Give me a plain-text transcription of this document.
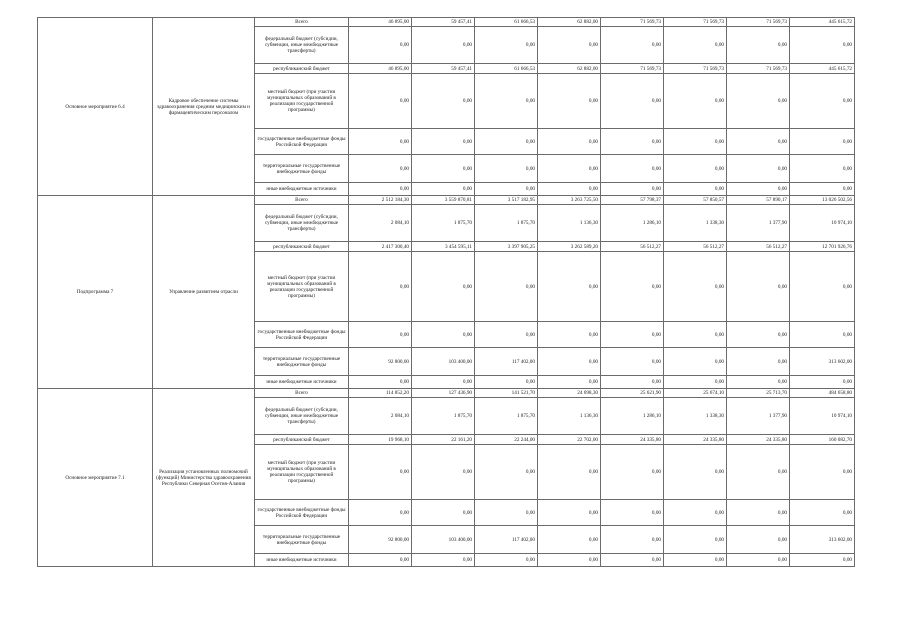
Основное мероприятие 6.4	Кадровое обеспечение системы здравоохранения средним медицинским и фармацевтическим персоналом	Всего	46 895,00	59 457,41	61 666,53	62 882,00	71 569,73	71 569,73	71 569,73	445 615,72
		федеральный бюджет (субсидии, субвенции, иные межбюджетные трансферты)	0,00	0,00	0,00	0,00	0,00	0,00	0,00	0,00
		республиканский бюджет	46 895,00	59 457,41	61 666,53	62 882,00	71 569,73	71 569,73	71 569,73	445 615,72
		местный бюджет (при участии муниципальных образований в реализации государственной программы)	0,00	0,00	0,00	0,00	0,00	0,00	0,00	0,00
		государственные внебюджетные фонды Российской Федерации	0,00	0,00	0,00	0,00	0,00	0,00	0,00	0,00
		территориальные государственные внебюджетные фонды	0,00	0,00	0,00	0,00	0,00	0,00	0,00	0,00
		иные внебюджетные источники	0,00	0,00	0,00	0,00	0,00	0,00	0,00	0,00
Подпрограмма 7	Управление развитием отрасли	Всего	2 512 184,30	3 559 870,81	3 517 182,95	3 263 725,50	57 798,37	57 850,57	57 890,17	13 026 502,56
		федеральный бюджет (субсидии, субвенции, иные межбюджетные трансферты)	2 084,10	1 875,70	1 875,70	1 136,30	1 286,10	1 338,30	1 377,90	10 974,10
		республиканский бюджет	2 417 300,40	3 454 595,11	3 397 905,25	3 262 589,20	56 512,27	56 512,27	56 512,27	12 701 926,76
		местный бюджет (при участии муниципальных образований в реализации государственной программы)	0,00	0,00	0,00	0,00	0,00	0,00	0,00	0,00
		государственные внебюджетные фонды Российской Федерации	0,00	0,00	0,00	0,00	0,00	0,00	0,00	0,00
		территориальные государственные внебюджетные фонды	92 800,00	103 400,00	117 402,00	0,00	0,00	0,00	0,00	313 602,00
		иные внебюджетные источники	0,00	0,00	0,00	0,00	0,00	0,00	0,00	0,00
Основное мероприятие 7.1	Реализация установленных полномочий (функций) Министерства здравоохранения Республики Северная Осетия-Алания	Всего	114 852,20	127 436,90	141 521,70	24 698,30	25 621,90	25 674,10	25 713,70	484 658,80
		федеральный бюджет (субсидии, субвенции, иные межбюджетные трансферты)	2 084,10	1 875,70	1 875,70	1 136,30	1 286,10	1 338,30	1 377,90	10 974,10
		республиканский бюджет	19 968,10	22 161,20	22 244,00	22 702,00	24 335,80	24 335,80	24 335,80	160 082,70
		местный бюджет (при участии муниципальных образований в реализации государственной программы)	0,00	0,00	0,00	0,00	0,00	0,00	0,00	0,00
		государственные внебюджетные фонды Российской Федерации	0,00	0,00	0,00	0,00	0,00	0,00	0,00	0,00
		территориальные государственные внебюджетные фонды	92 800,00	103 400,00	117 402,00	0,00	0,00	0,00	0,00	313 602,00
		иные внебюджетные источники	0,00	0,00	0,00	0,00	0,00	0,00	0,00	0,00
